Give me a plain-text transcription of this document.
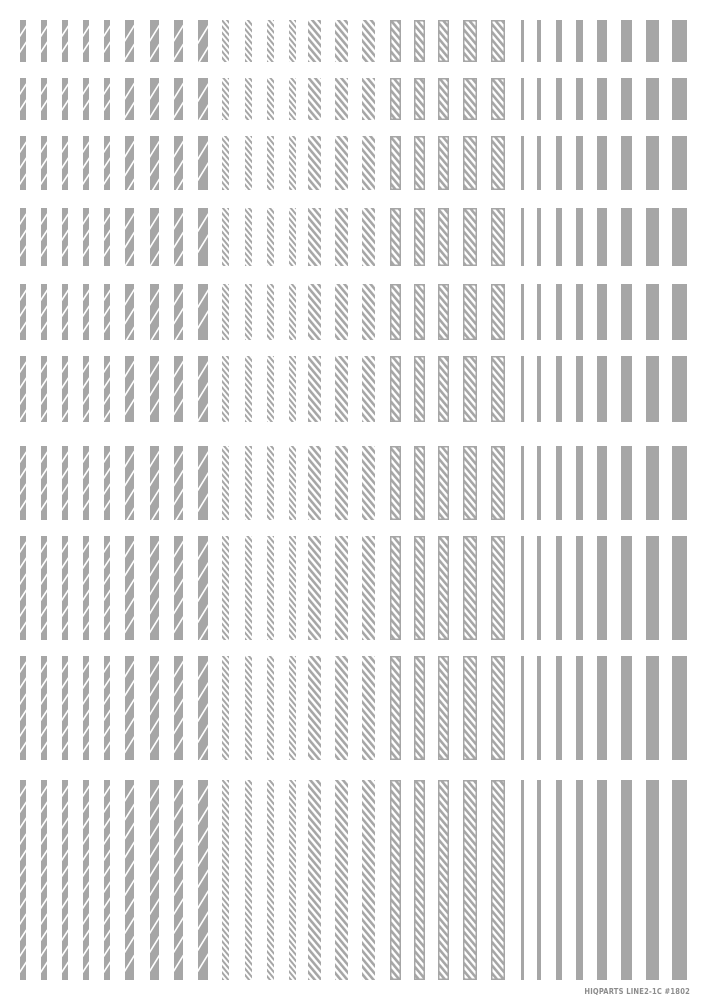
HIQPARTS LINE2-1C #1802
